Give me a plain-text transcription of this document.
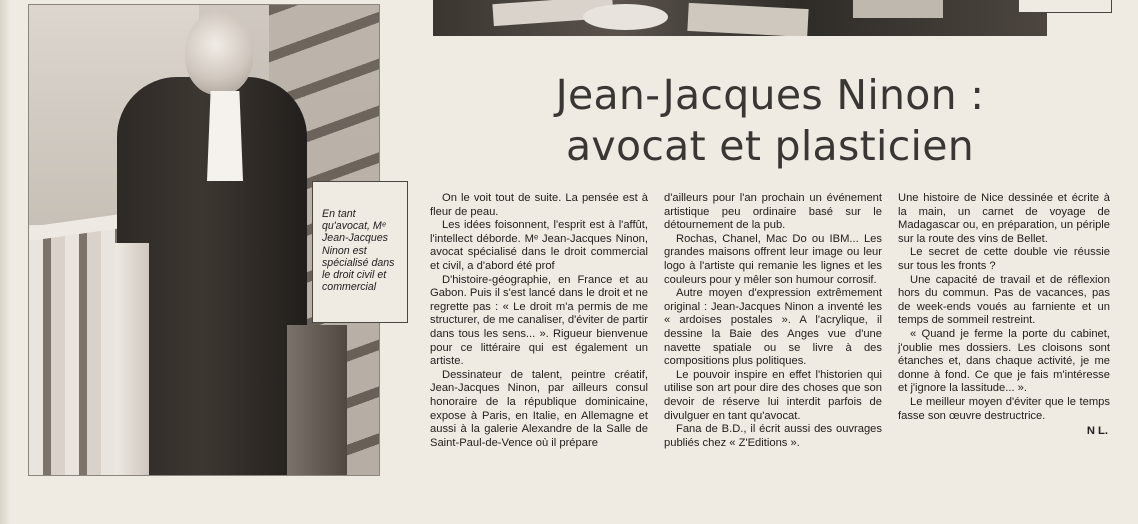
En tant qu'avocat, Mᵉ Jean-Jacques Ninon est spécialisé dans le droit civil et commercial

Jean-Jacques Ninon :
avocat et plasticien

On le voit tout de suite. La pensée est à fleur de peau.

Les idées foisonnent, l'esprit est à l'affût, l'intellect déborde. Mᵉ Jean-Jacques Ninon, avocat spécialisé dans le droit commercial et civil, a d'abord été prof

D'histoire-géographie, en France et au Gabon. Puis il s'est lancé dans le droit et ne regrette pas : « Le droit m'a permis de me structurer, de me canaliser, d'éviter de partir dans tous les sens... ». Rigueur bienvenue pour ce littéraire qui est également un artiste.

Dessinateur de talent, peintre créatif, Jean-Jacques Ninon, par ailleurs consul honoraire de la république dominicaine, expose à Paris, en Italie, en Allemagne et aussi à la galerie Alexandre de la Salle de Saint-Paul-de-Vence où il prépare

d'ailleurs pour l'an prochain un événement artistique peu ordinaire basé sur le détournement de la pub.

Rochas, Chanel, Mac Do ou IBM... Les grandes maisons offrent leur image ou leur logo à l'artiste qui remanie les lignes et les couleurs pour y mêler son humour corrosif.

Autre moyen d'expression extrêmement original : Jean-Jacques Ninon a inventé les « ardoises postales ». A l'acrylique, il dessine la Baie des Anges vue d'une navette spatiale ou se livre à des compositions plus politiques.

Le pouvoir inspire en effet l'historien qui utilise son art pour dire des choses que son devoir de réserve lui interdit parfois de divulguer en tant qu'avocat.

Fana de B.D., il écrit aussi des ouvrages publiés chez « Z'Editions ».

Une histoire de Nice dessinée et écrite à la main, un carnet de voyage de Madagascar ou, en préparation, un périple sur la route des vins de Bellet.

Le secret de cette double vie réussie sur tous les fronts ?

Une capacité de travail et de réflexion hors du commun. Pas de vacances, pas de week-ends voués au farniente et un temps de sommeil restreint.

« Quand je ferme la porte du cabinet, j'oublie mes dossiers. Les cloisons sont étanches et, dans chaque activité, je me donne à fond. Ce que je fais m'intéresse et j'ignore la lassitude... ».

Le meilleur moyen d'éviter que le temps fasse son œuvre destructrice.

N L.
